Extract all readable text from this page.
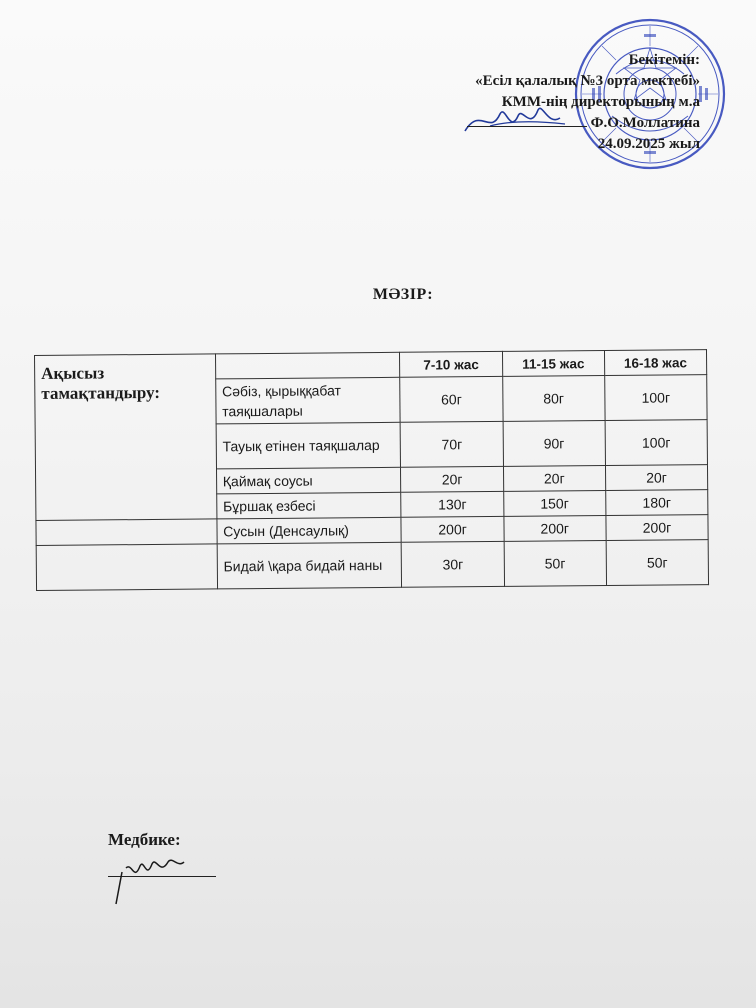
Бекітемін:
«Есіл қалалық №3 орта мектебі»
КММ-нің директорының м.а
Ф.О.Моллатина
24.09.2025 жыл
МӘЗІР:
Ақысыз тамақтандыру:		7-10 жас	11-15 жас	16-18 жас
	Сәбіз, қырыққабат таяқшалары	60г	80г	100г
	Тауық етінен таяқшалар	70г	90г	100г
	Қаймақ соусы	20г	20г	20г
	Бұршақ езбесі	130г	150г	180г
	Сусын (Денсаулық)	200г	200г	200г
	Бидай \қара бидай наны	30г	50г	50г
Медбике:
